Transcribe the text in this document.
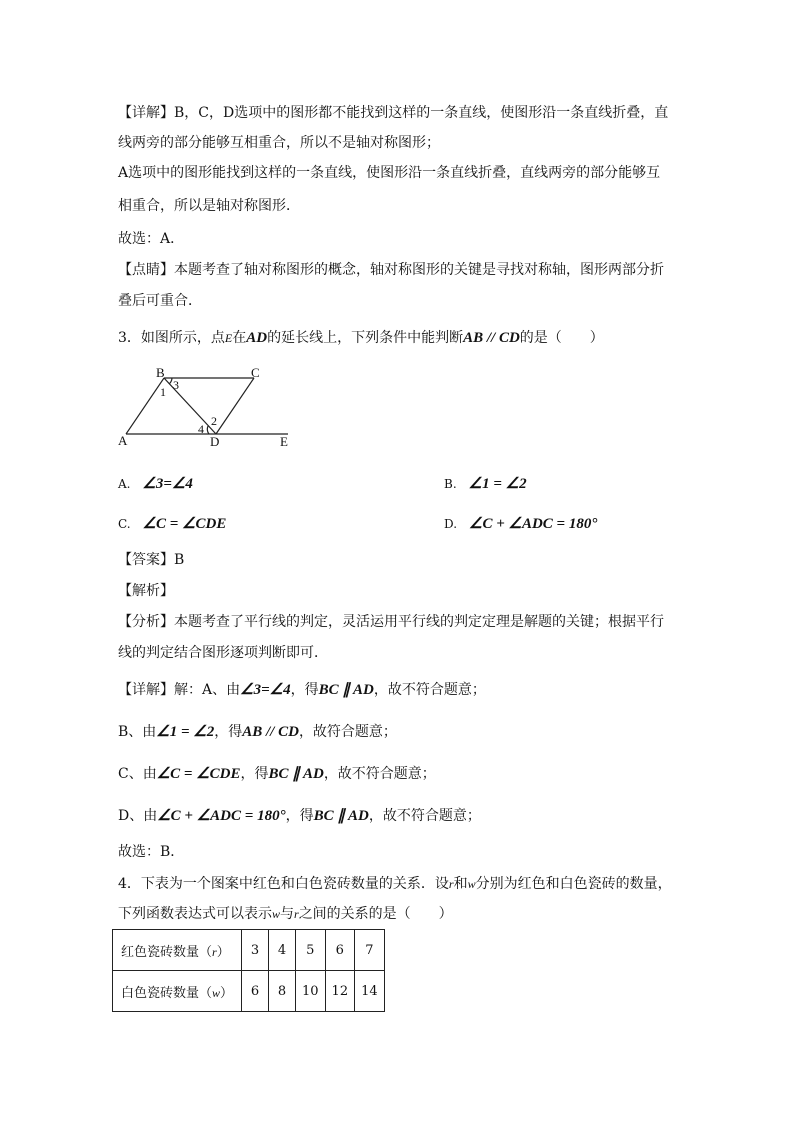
【详解】B，C，D选项中的图形都不能找到这样的一条直线，使图形沿一条直线折叠，直
线两旁的部分能够互相重合，所以不是轴对称图形；
A选项中的图形能找到这样的一条直线，使图形沿一条直线折叠，直线两旁的部分能够互
相重合，所以是轴对称图形．
故选：A．
【点睛】本题考查了轴对称图形的概念，轴对称图形的关键是寻找对称轴，图形两部分折
叠后可重合．
3．如图所示，点E在AD的延长线上，下列条件中能判断AB // CD的是（　　）
B	C
A	D	E
1
2
3
4
A. ∠3=∠4	B. ∠1 = ∠2
C. ∠C = ∠CDE	D. ∠C + ∠ADC = 180°
【答案】B
【解析】
【分析】本题考查了平行线的判定，灵活运用平行线的判定定理是解题的关键；根据平行
线的判定结合图形逐项判断即可．
【详解】解：A、由∠3=∠4，得BC ∥ AD，故不符合题意；
B、由∠1 = ∠2，得AB // CD，故符合题意；
C、由∠C = ∠CDE，得BC ∥ AD，故不符合题意；
D、由∠C + ∠ADC = 180°，得BC ∥ AD，故不符合题意；
故选：B．
4．下表为一个图案中红色和白色瓷砖数量的关系．设r和w分别为红色和白色瓷砖的数量，
下列函数表达式可以表示w与r之间的关系的是（　　）
红色瓷砖数量（r）	3	4	5	6	7
白色瓷砖数量（w）	6	8	10	12	14
